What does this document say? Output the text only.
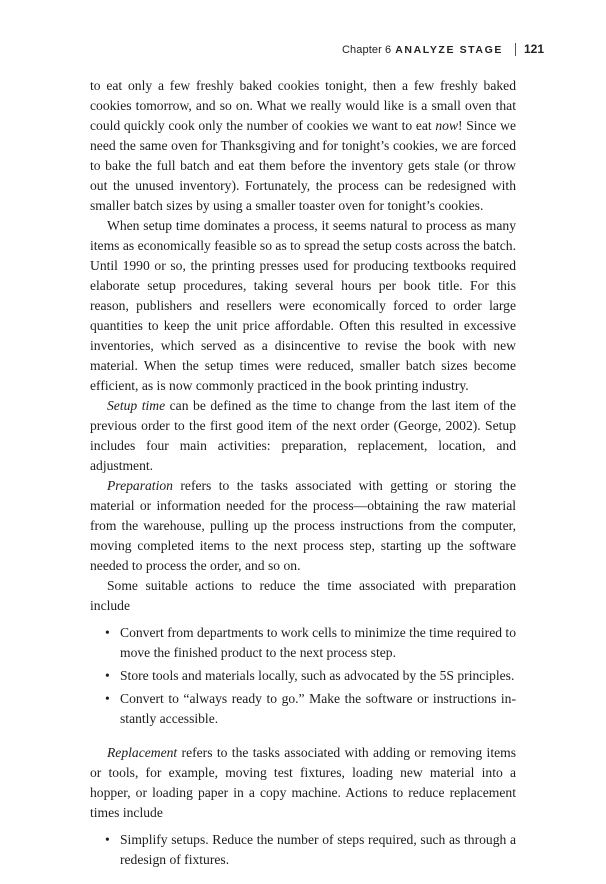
Chapter 6 ANALYZE STAGE 121

to eat only a few freshly baked cookies tonight, then a few freshly baked cookies tomorrow, and so on. What we really would like is a small oven that could quickly cook only the number of cookies we want to eat now! Since we need the same oven for Thanksgiving and for tonight’s cookies, we are forced to bake the full batch and eat them before the inventory gets stale (or throw out the unused inventory). Fortunately, the process can be redesigned with smaller batch sizes by using a smaller toaster oven for tonight’s cookies.

When setup time dominates a process, it seems natural to process as many items as economically feasible so as to spread the setup costs across the batch. Until 1990 or so, the printing presses used for producing textbooks required elaborate setup procedures, taking several hours per book title. For this reason, publishers and resellers were economically forced to order large quantities to keep the unit price affordable. Often this resulted in excessive inventories, which served as a disincentive to revise the book with new material. When the setup times were reduced, smaller batch sizes become efficient, as is now commonly practiced in the book printing industry.

Setup time can be defined as the time to change from the last item of the previous order to the first good item of the next order (George, 2002). Setup includes four main activities: preparation, replacement, location, and adjustment.

Preparation refers to the tasks associated with getting or storing the material or information needed for the process—obtaining the raw material from the warehouse, pulling up the process instructions from the computer, moving completed items to the next process step, starting up the software needed to process the order, and so on.

Some suitable actions to reduce the time associated with preparation include

• Convert from departments to work cells to minimize the time required to move the finished product to the next process step.
• Store tools and materials locally, such as advocated by the 5S principles.
• Convert to “always ready to go.” Make the software or instructions instantly accessible.

Replacement refers to the tasks associated with adding or removing items or tools, for example, moving test fixtures, loading new material into a hopper, or loading paper in a copy machine. Actions to reduce replacement times include

• Simplify setups. Reduce the number of steps required, such as through a redesign of fixtures.
